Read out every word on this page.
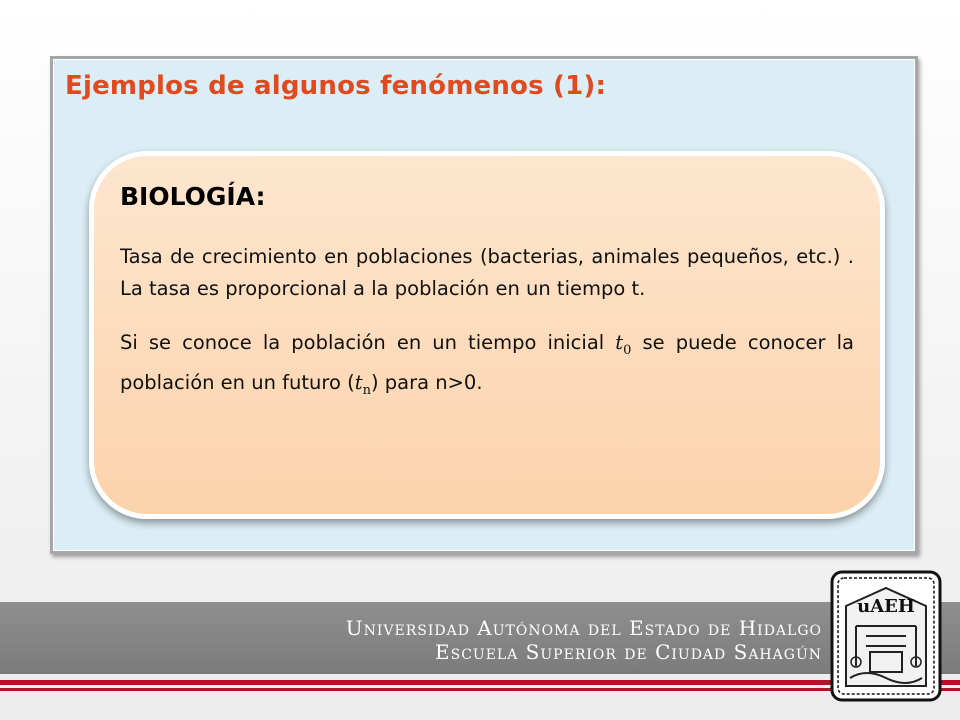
Ejemplos de algunos fenómenos (1):
BIOLOGÍA:

Tasa de crecimiento en poblaciones (bacterias, animales pequeños, etc.) . La tasa es proporcional a la población en un tiempo t.

Si se conoce la población en un tiempo inicial $t_0$ se puede conocer la población en un futuro $(t_n)$ para n>0.

Universidad Autónoma del Estado de Hidalgo

Escuela Superior de Ciudad Sahagún

uAEH
